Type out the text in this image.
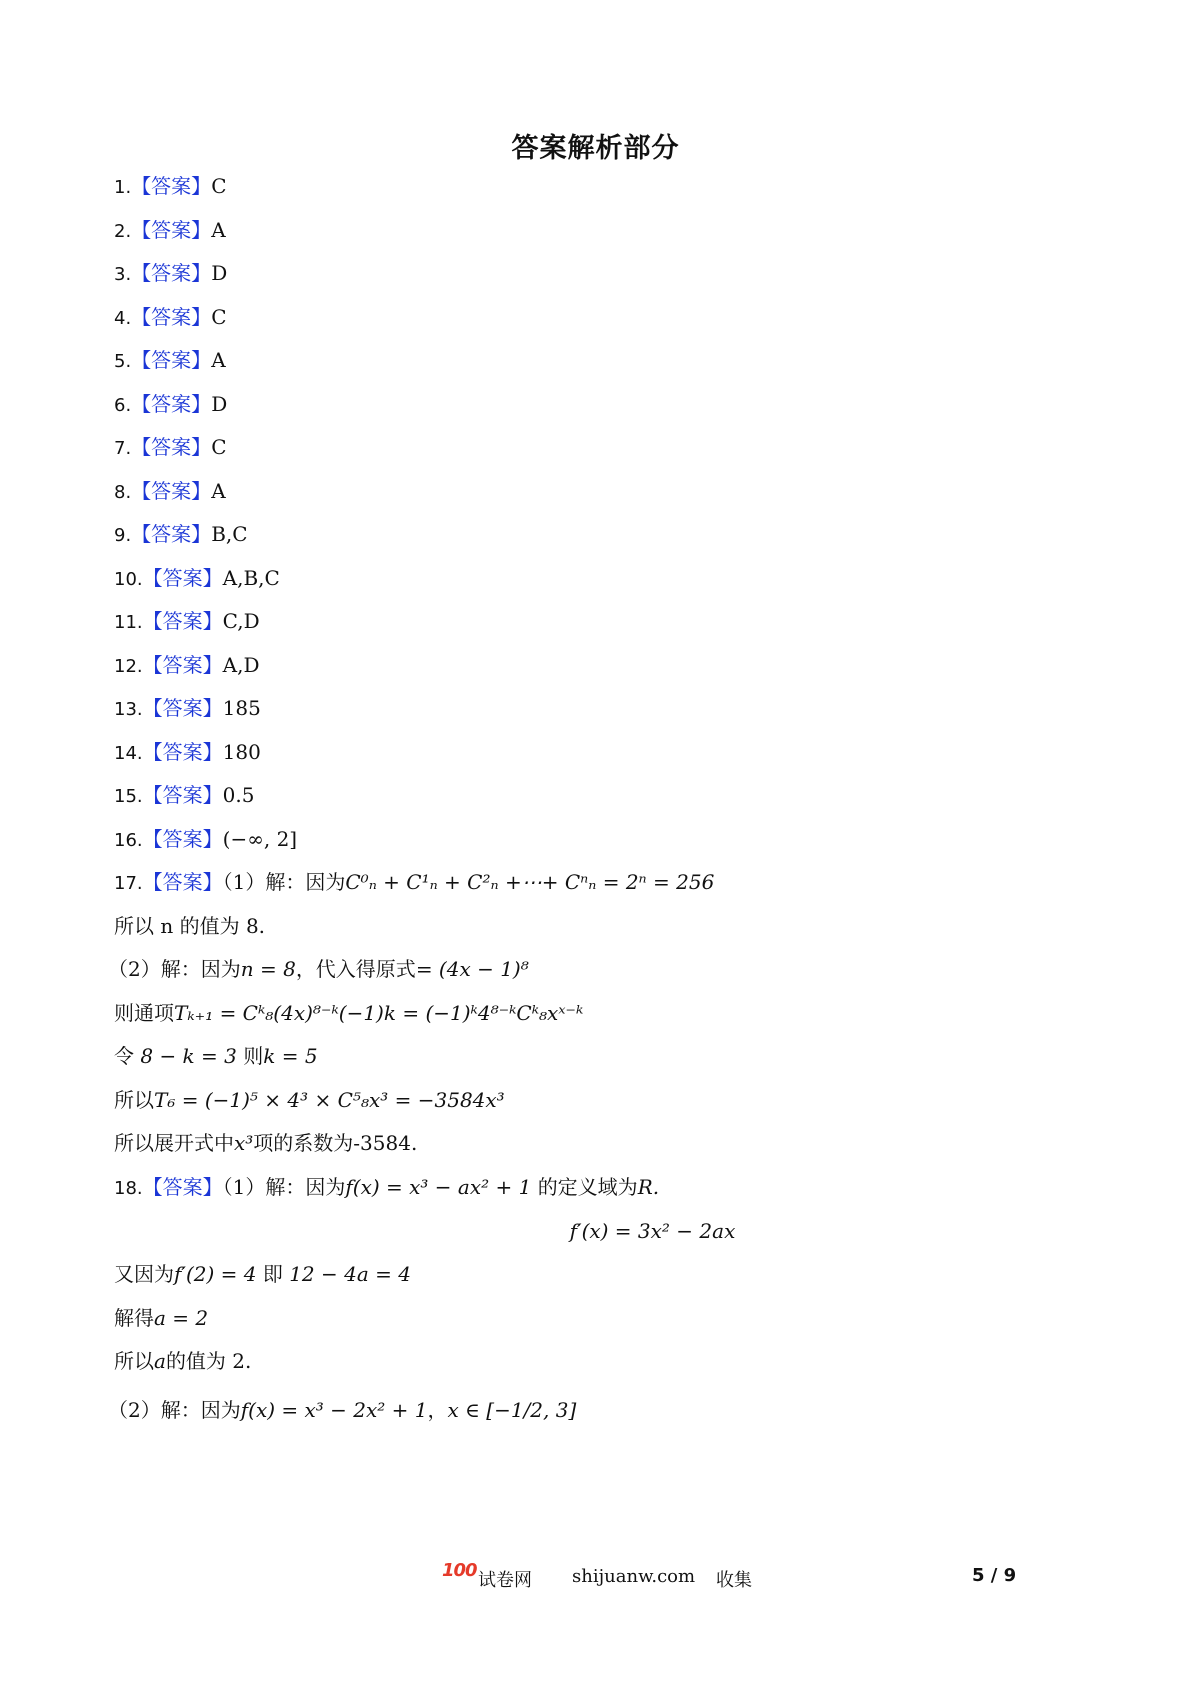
答案解析部分
1.【答案】C
2.【答案】A
3.【答案】D
4.【答案】C
5.【答案】A
6.【答案】D
7.【答案】C
8.【答案】A
9.【答案】B,C
10.【答案】A,B,C
11.【答案】C,D
12.【答案】A,D
13.【答案】185
14.【答案】180
15.【答案】0.5
16.【答案】(−∞, 2]
17.【答案】（1）解：因为C⁰ₙ + C¹ₙ + C²ₙ +⋯+ Cⁿₙ = 2ⁿ = 256
所以 n 的值为 8.
（2）解：因为n = 8，代入得原式= (4x − 1)⁸
则通项Tₖ₊₁ = Cᵏ₈(4x)⁸⁻ᵏ(−1)k = (−1)ᵏ4⁸⁻ᵏCᵏ₈xˣ⁻ᵏ
令 8 − k = 3 则k = 5
所以T₆ = (−1)⁵ × 4³ × C⁵₈x³ = −3584x³
所以展开式中x³项的系数为-3584.
18.【答案】（1）解：因为f(x) = x³ − ax² + 1 的定义域为R.
f′(x) = 3x² − 2ax
又因为f′(2) = 4 即 12 − 4a = 4
解得a = 2
所以a的值为 2.
（2）解：因为f(x) = x³ − 2x² + 1，x ∈ [−1/2, 3]
100 试卷网 shijuanw.com 收集	5 / 9
